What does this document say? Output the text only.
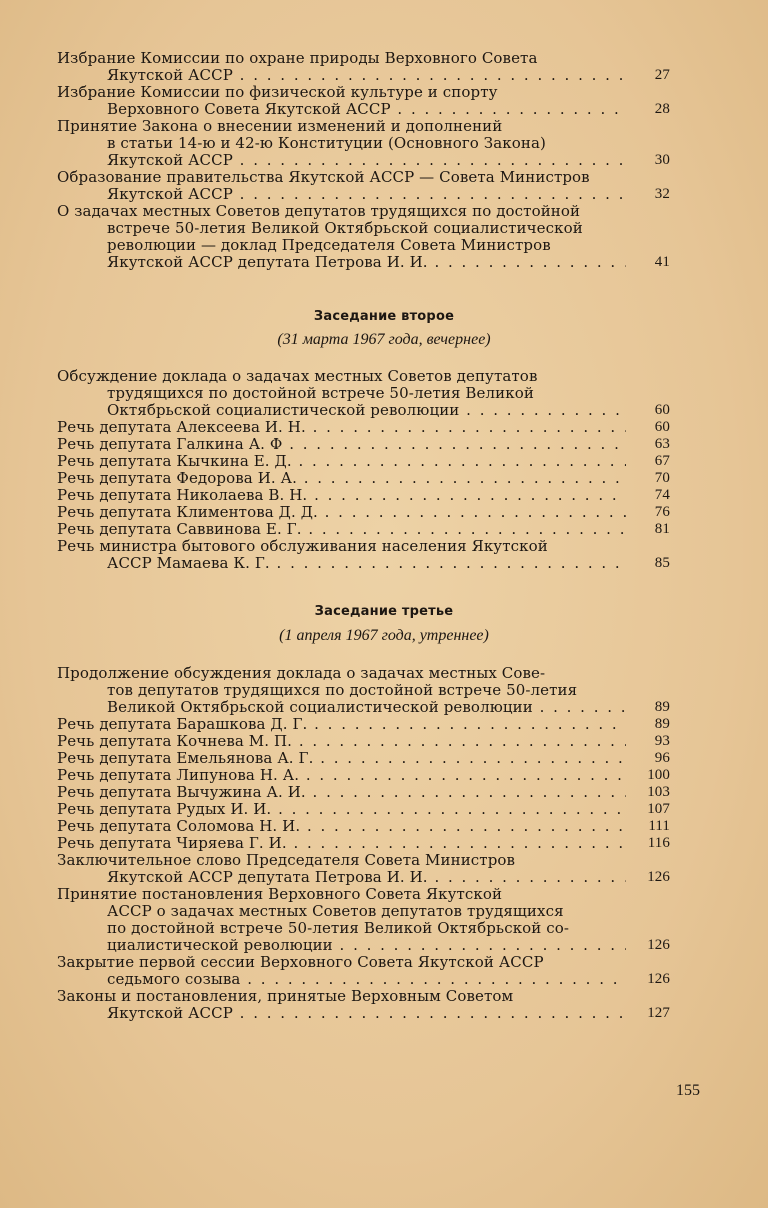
Избрание Комиссии по охране природы Верховного Совета
Якутской АССР . . .	27
Избрание Комиссии по физической культуре и спорту
Верховного Совета Якутской АССР . . .	28
Принятие Закона о внесении изменений и дополнений
в статьи 14-ю и 42-ю Конституции (Основного Закона)
Якутской АССР . . .	30
Образование правительства Якутской АССР — Совета Министров
Якутской АССР . . .	32
О задачах местных Советов депутатов трудящихся по достойной
встрече 50-летия Великой Октябрьской социалистической
революции — доклад Председателя Совета Министров
Якутской АССР депутата Петрова И. И. . . .	41
Заседание второе
(31 марта 1967 года, вечернее)
Обсуждение доклада о задачах местных Советов депутатов
трудящихся по достойной встрече 50-летия Великой
Октябрьской социалистической революции . . .	60
Речь депутата Алексеева И. Н. . . .	60
Речь депутата Галкина А. Ф . . .	63
Речь депутата Кычкина Е. Д. . . .	67
Речь депутата Федорова И. А. . . .	70
Речь депутата Николаева В. Н. . . .	74
Речь депутата Климентова Д. Д. . . .	76
Речь депутата Саввинова Е. Г. . . .	81
Речь министра бытового обслуживания населения Якутской
АССР Мамаева К. Г. . . .	85
Заседание третье
(1 апреля 1967 года, утреннее)
Продолжение обсуждения доклада о задачах местных Сове-
тов депутатов трудящихся по достойной встрече 50-летия
Великой Октябрьской социалистической революции . . .	89
Речь депутата Барашкова Д. Г. . . .	89
Речь депутата Кочнева М. П. . . .	93
Речь депутата Емельянова А. Г. . . .	96
Речь депутата Липунова Н. А. . . .	100
Речь депутата Вычужина А. И. . . .	103
Речь депутата Рудых И. И. . . .	107
Речь депутата Соломова Н. И. . . .	111
Речь депутата Чиряева Г. И. . . .	116
Заключительное слово Председателя Совета Министров
Якутской АССР депутата Петрова И. И. . . .	126
Принятие постановления Верховного Совета Якутской
АССР о задачах местных Советов депутатов трудящихся
по достойной встрече 50-летия Великой Октябрьской со-
циалистической революции . . .	126
Закрытие первой сессии Верховного Совета Якутской АССР
седьмого созыва . . .	126
Законы и постановления, принятые Верховным Советом
Якутской АССР . . .	127
155
